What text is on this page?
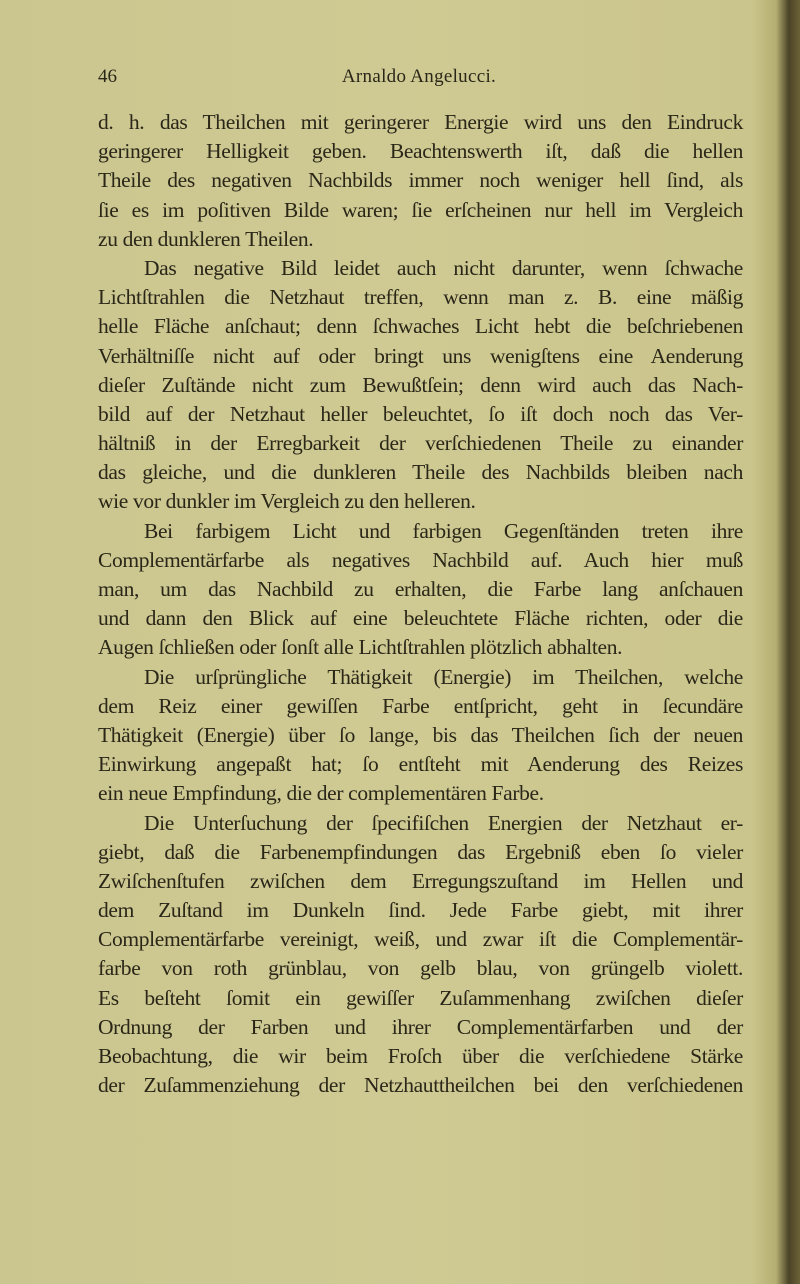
46	Arnaldo Angelucci.
d. h. das Theilchen mit geringerer Energie wird uns den Eindruck
geringerer Helligkeit geben. Beachtenswerth iſt, daß die hellen
Theile des negativen Nachbilds immer noch weniger hell ſind, als
ſie es im poſitiven Bilde waren; ſie erſcheinen nur hell im Vergleich
zu den dunkleren Theilen.
Das negative Bild leidet auch nicht darunter, wenn ſchwache
Lichtſtrahlen die Netzhaut treffen, wenn man z. B. eine mäßig
helle Fläche anſchaut; denn ſchwaches Licht hebt die beſchriebenen
Verhältniſſe nicht auf oder bringt uns wenigſtens eine Aenderung
dieſer Zuſtände nicht zum Bewußtſein; denn wird auch das Nach-
bild auf der Netzhaut heller beleuchtet, ſo iſt doch noch das Ver-
hältniß in der Erregbarkeit der verſchiedenen Theile zu einander
das gleiche, und die dunkleren Theile des Nachbilds bleiben nach
wie vor dunkler im Vergleich zu den helleren.
Bei farbigem Licht und farbigen Gegenſtänden treten ihre
Complementärfarbe als negatives Nachbild auf. Auch hier muß
man, um das Nachbild zu erhalten, die Farbe lang anſchauen
und dann den Blick auf eine beleuchtete Fläche richten, oder die
Augen ſchließen oder ſonſt alle Lichtſtrahlen plötzlich abhalten.
Die urſprüngliche Thätigkeit (Energie) im Theilchen, welche
dem Reiz einer gewiſſen Farbe entſpricht, geht in ſecundäre
Thätigkeit (Energie) über ſo lange, bis das Theilchen ſich der neuen
Einwirkung angepaßt hat; ſo entſteht mit Aenderung des Reizes
ein neue Empfindung, die der complementären Farbe.
Die Unterſuchung der ſpecifiſchen Energien der Netzhaut er-
giebt, daß die Farbenempfindungen das Ergebniß eben ſo vieler
Zwiſchenſtufen zwiſchen dem Erregungszuſtand im Hellen und
dem Zuſtand im Dunkeln ſind. Jede Farbe giebt, mit ihrer
Complementärfarbe vereinigt, weiß, und zwar iſt die Complementär-
farbe von roth grünblau, von gelb blau, von grüngelb violett.
Es beſteht ſomit ein gewiſſer Zuſammenhang zwiſchen dieſer
Ordnung der Farben und ihrer Complementärfarben und der
Beobachtung, die wir beim Froſch über die verſchiedene Stärke
der Zuſammenziehung der Netzhauttheilchen bei den verſchiedenen
